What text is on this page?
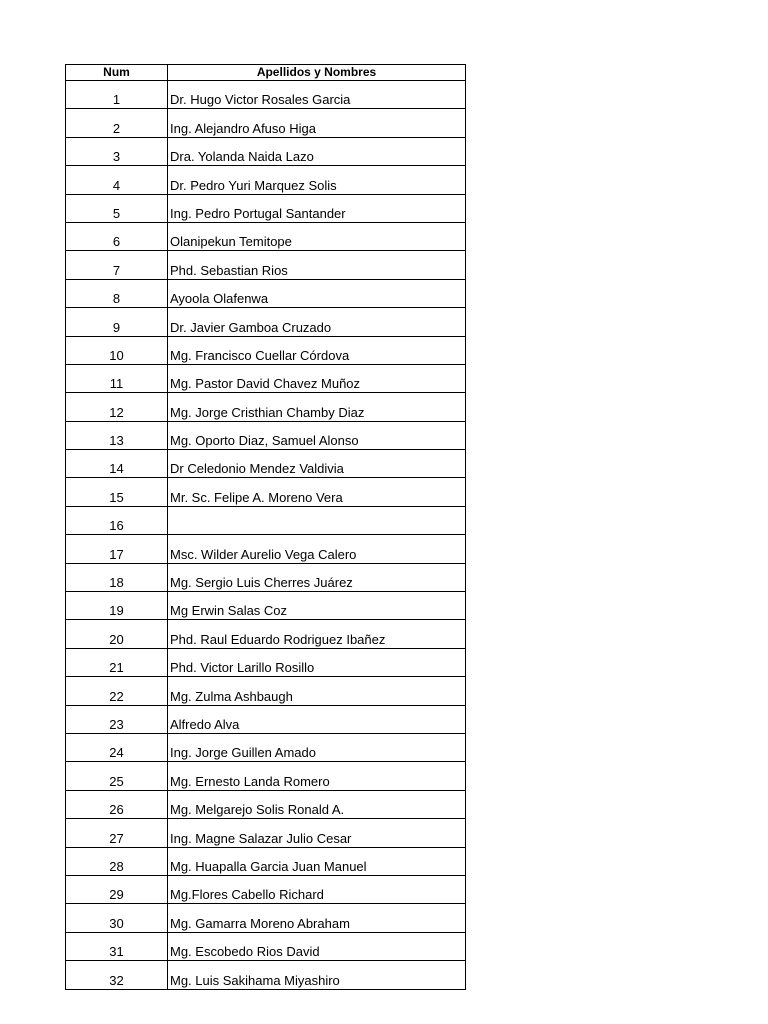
Num	Apellidos y Nombres
1	Dr. Hugo Victor Rosales Garcia
2	Ing. Alejandro Afuso Higa
3	Dra. Yolanda Naida Lazo
4	Dr. Pedro Yuri Marquez Solis
5	Ing. Pedro Portugal Santander
6	Olanipekun Temitope
7	Phd. Sebastian Rios
8	Ayoola Olafenwa
9	Dr. Javier Gamboa Cruzado
10	Mg. Francisco Cuellar Córdova
11	Mg. Pastor David Chavez Muñoz
12	Mg. Jorge Cristhian Chamby Diaz
13	Mg. Oporto Diaz, Samuel Alonso
14	Dr Celedonio Mendez Valdivia
15	Mr. Sc. Felipe A. Moreno Vera
16	
17	Msc. Wilder Aurelio Vega Calero
18	Mg. Sergio Luis Cherres Juárez
19	Mg Erwin Salas Coz
20	Phd. Raul Eduardo Rodriguez Ibañez
21	Phd. Victor Larillo Rosillo
22	Mg. Zulma Ashbaugh
23	Alfredo Alva
24	Ing. Jorge Guillen Amado
25	Mg. Ernesto Landa Romero
26	Mg. Melgarejo Solis Ronald A.
27	Ing. Magne Salazar Julio Cesar
28	Mg. Huapalla Garcia Juan Manuel
29	Mg.Flores Cabello Richard
30	Mg. Gamarra Moreno Abraham
31	Mg. Escobedo Rios David
32	Mg. Luis Sakihama Miyashiro
